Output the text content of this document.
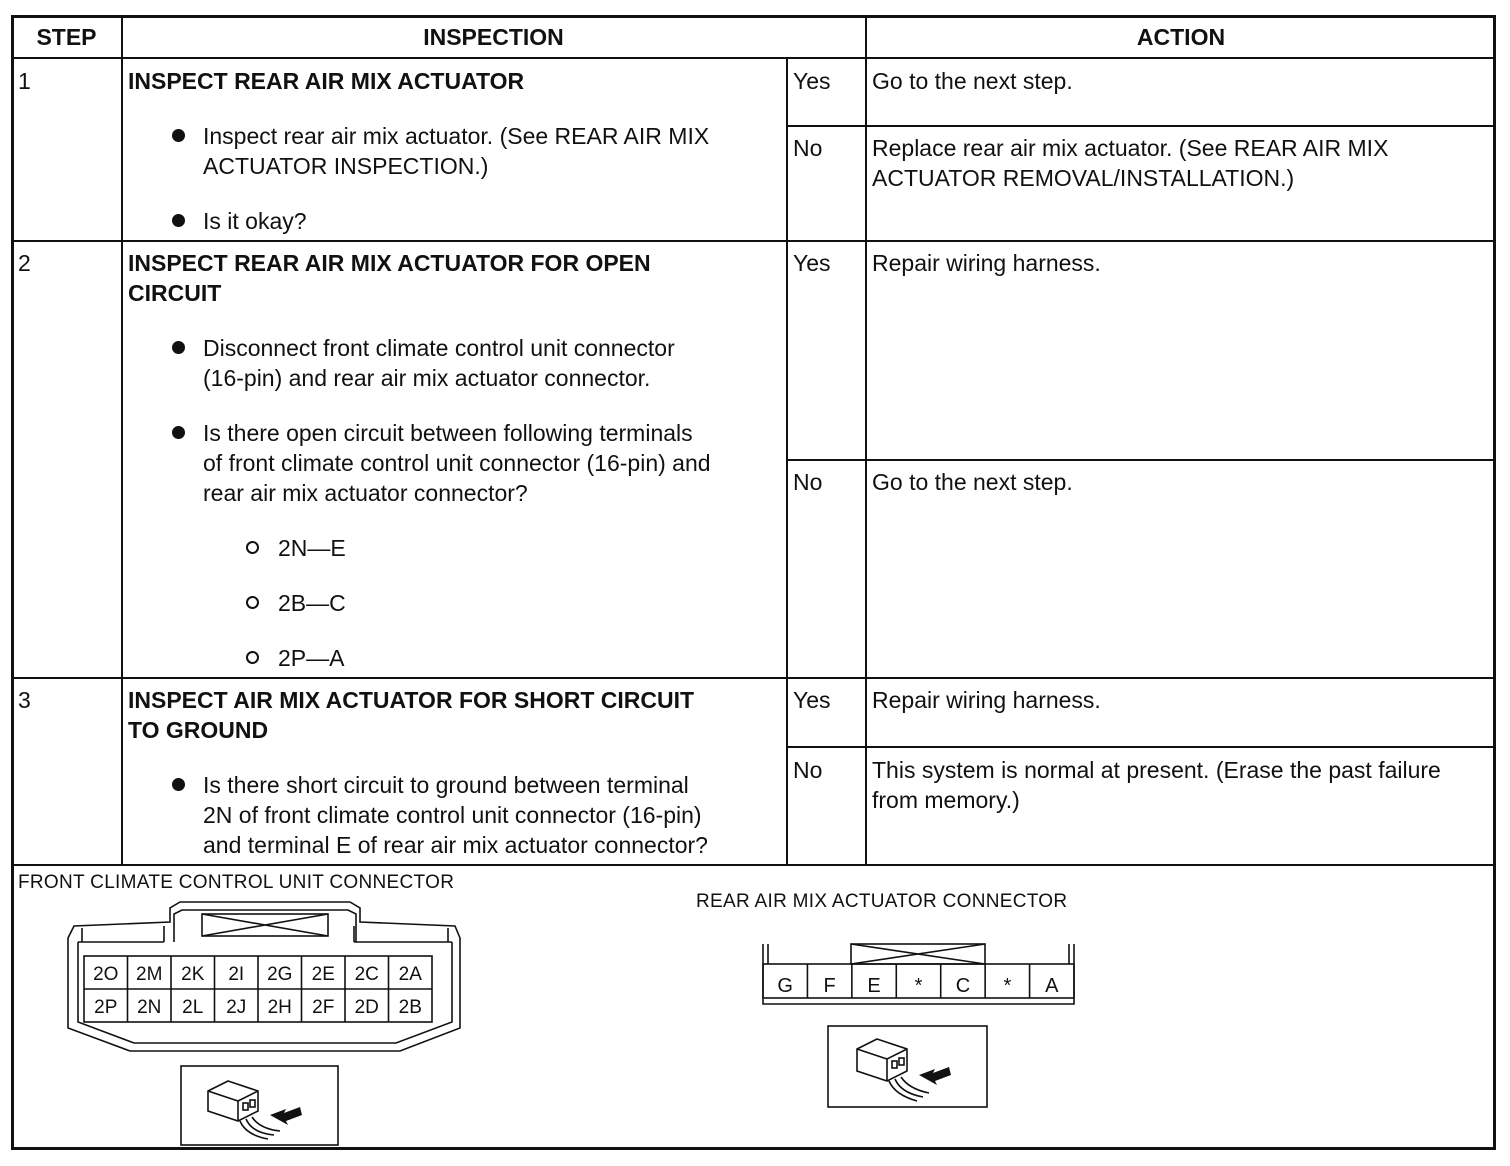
STEP	INSPECTION	ACTION
1	INSPECT REAR AIR MIX ACTUATOR
Inspect rear air mix actuator. (See REAR AIR MIX
ACTUATOR INSPECTION.)
Is it okay?
Yes Go to the next step.
No Replace rear air mix actuator. (See REAR AIR MIX
ACTUATOR REMOVAL/INSTALLATION.)
2	INSPECT REAR AIR MIX ACTUATOR FOR OPEN
CIRCUIT
Disconnect front climate control unit connector
(16-pin) and rear air mix actuator connector.
Is there open circuit between following terminals
of front climate control unit connector (16-pin) and
rear air mix actuator connector?
2N—E
2B—C
2P—A
Yes Repair wiring harness.
No Go to the next step.
3	INSPECT AIR MIX ACTUATOR FOR SHORT CIRCUIT
TO GROUND
Is there short circuit to ground between terminal
2N of front climate control unit connector (16-pin)
and terminal E of rear air mix actuator connector?
Yes Repair wiring harness.
No This system is normal at present. (Erase the past failure
from memory.)
FRONT CLIMATE CONTROL UNIT CONNECTOR
REAR AIR MIX ACTUATOR CONNECTOR
2O 2M 2K 2I 2G 2E 2C 2A
2P 2N 2L 2J 2H 2F 2D 2B
G F E * C * A
